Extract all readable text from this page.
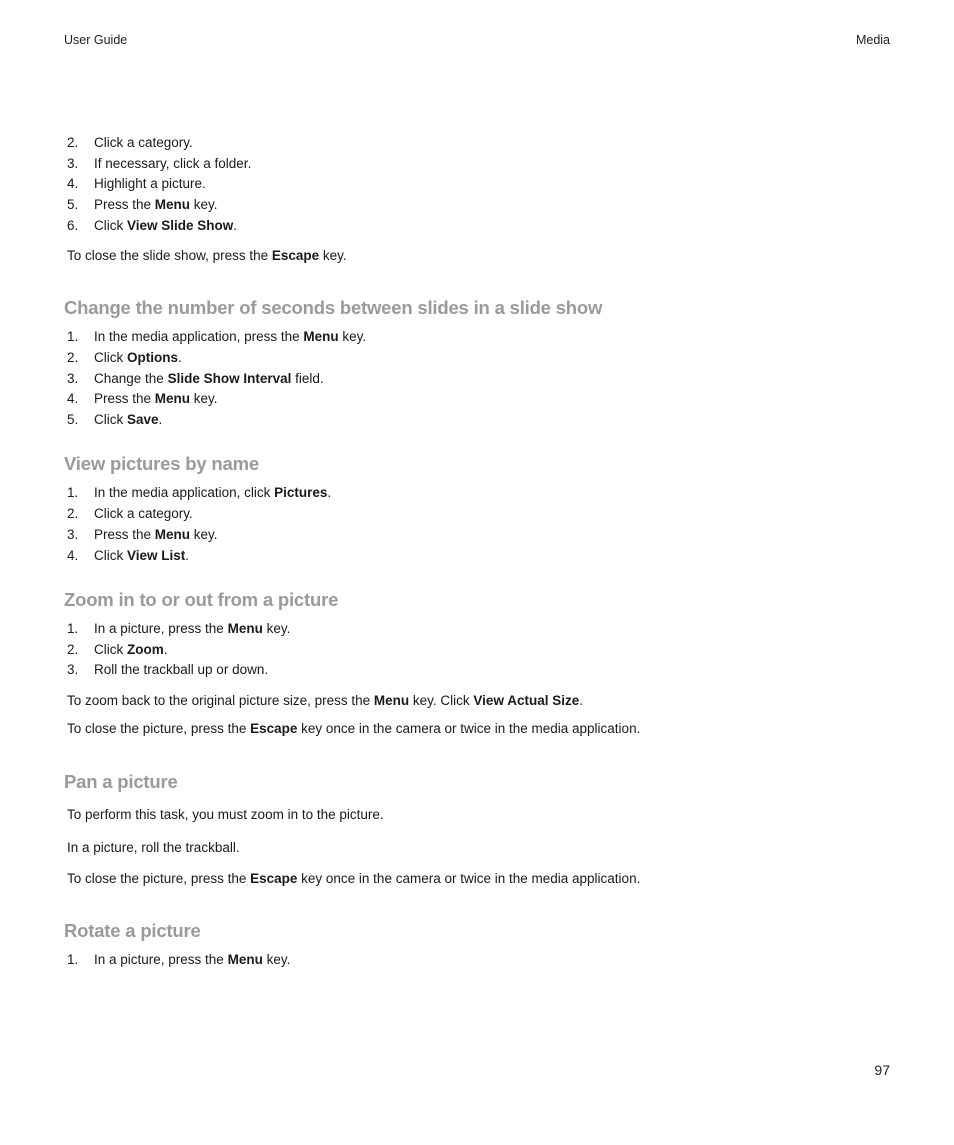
User Guide	Media
2. Click a category.
3. If necessary, click a folder.
4. Highlight a picture.
5. Press the Menu key.
6. Click View Slide Show.
To close the slide show, press the Escape key.
Change the number of seconds between slides in a slide show
1. In the media application, press the Menu key.
2. Click Options.
3. Change the Slide Show Interval field.
4. Press the Menu key.
5. Click Save.
View pictures by name
1. In the media application, click Pictures.
2. Click a category.
3. Press the Menu key.
4. Click View List.
Zoom in to or out from a picture
1. In a picture, press the Menu key.
2. Click Zoom.
3. Roll the trackball up or down.
To zoom back to the original picture size, press the Menu key. Click View Actual Size.
To close the picture, press the Escape key once in the camera or twice in the media application.
Pan a picture
To perform this task, you must zoom in to the picture.
In a picture, roll the trackball.
To close the picture, press the Escape key once in the camera or twice in the media application.
Rotate a picture
1. In a picture, press the Menu key.
97
